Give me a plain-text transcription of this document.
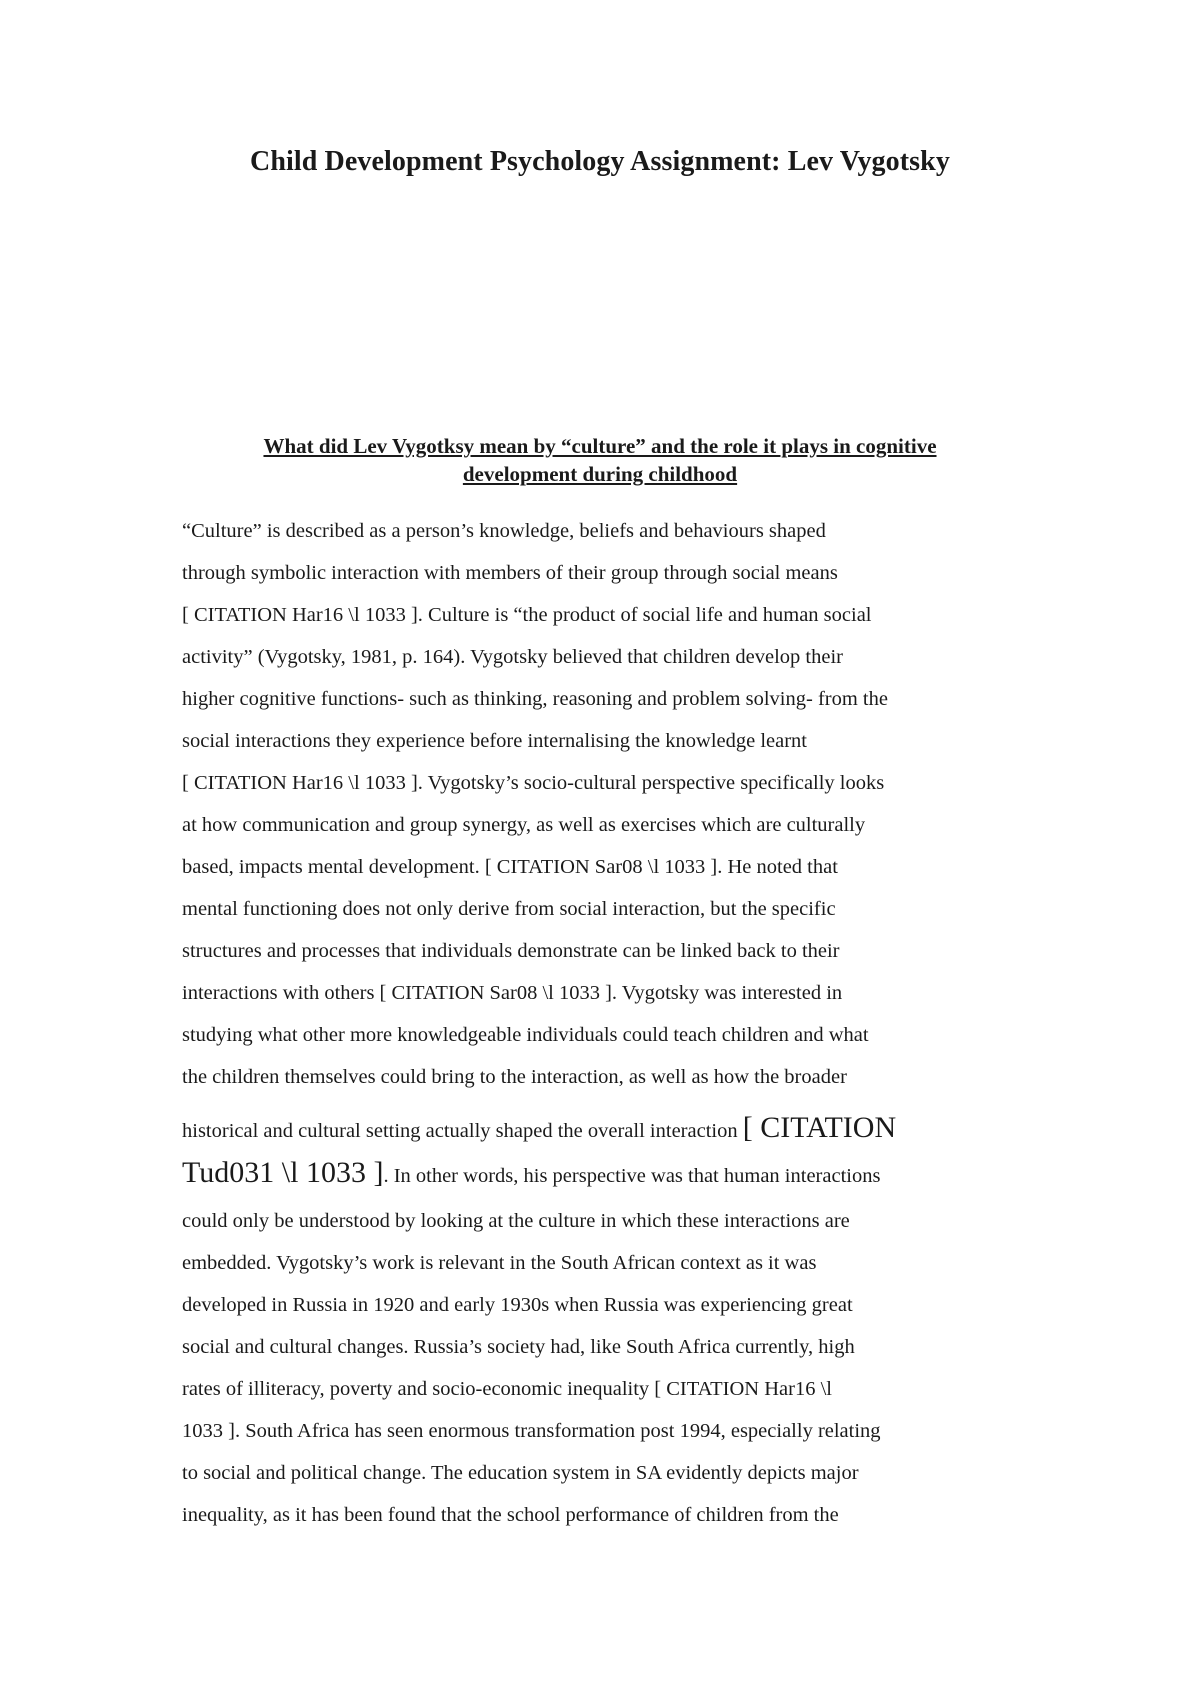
Child Development Psychology Assignment: Lev Vygotsky
What did Lev Vygotksy mean by “culture” and the role it plays in cognitive
development during childhood
“Culture” is described as a person’s knowledge, beliefs and behaviours shaped
through symbolic interaction with members of their group through social means
[ CITATION Har16 \l 1033 ]. Culture is “the product of social life and human social
activity” (Vygotsky, 1981, p. 164). Vygotsky believed that children develop their
higher cognitive functions- such as thinking, reasoning and problem solving- from the
social interactions they experience before internalising the knowledge learnt
[ CITATION Har16 \l 1033 ]. Vygotsky’s socio-cultural perspective specifically looks
at how communication and group synergy, as well as exercises which are culturally
based, impacts mental development. [ CITATION Sar08 \l 1033 ]. He noted that
mental functioning does not only derive from social interaction, but the specific
structures and processes that individuals demonstrate can be linked back to their
interactions with others [ CITATION Sar08 \l 1033 ]. Vygotsky was interested in
studying what other more knowledgeable individuals could teach children and what
the children themselves could bring to the interaction, as well as how the broader
historical and cultural setting actually shaped the overall interaction [ CITATION
Tud031 \l 1033 ]. In other words, his perspective was that human interactions
could only be understood by looking at the culture in which these interactions are
embedded. Vygotsky’s work is relevant in the South African context as it was
developed in Russia in 1920 and early 1930s when Russia was experiencing great
social and cultural changes. Russia’s society had, like South Africa currently, high
rates of illiteracy, poverty and socio-economic inequality [ CITATION Har16 \l
1033 ]. South Africa has seen enormous transformation post 1994, especially relating
to social and political change. The education system in SA evidently depicts major
inequality, as it has been found that the school performance of children from the
